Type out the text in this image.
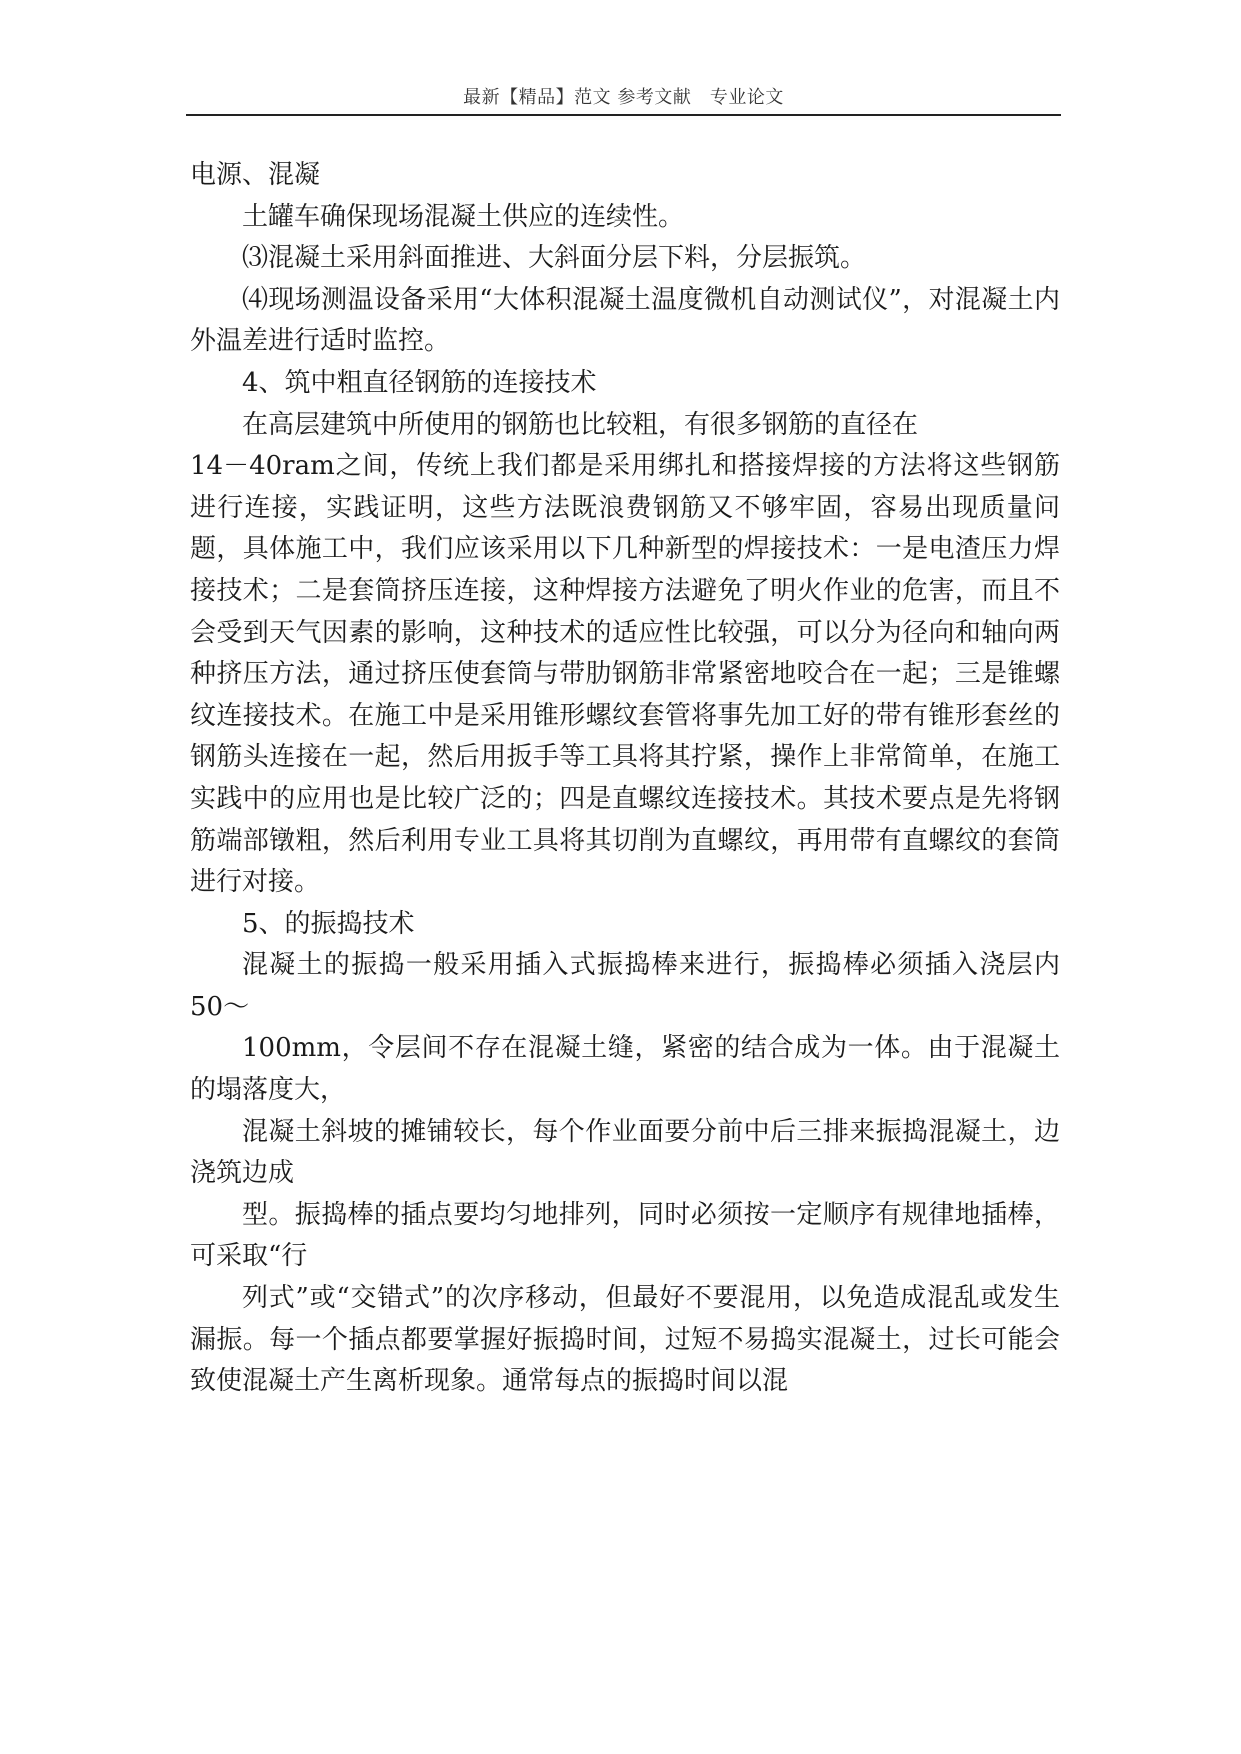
最新【精品】范文 参考文献　专业论文

电源、混凝

土罐车确保现场混凝土供应的连续性。

⑶混凝土采用斜面推进、大斜面分层下料，分层振筑。

⑷现场测温设备采用“大体积混凝土温度微机自动测试仪”，对混凝土内外温差进行适时监控。

4、筑中粗直径钢筋的连接技术

在高层建筑中所使用的钢筋也比较粗，有很多钢筋的直径在

14－40ram之间，传统上我们都是采用绑扎和搭接焊接的方法将这些钢筋进行连接，实践证明，这些方法既浪费钢筋又不够牢固，容易出现质量问题，具体施工中，我们应该采用以下几种新型的焊接技术：一是电渣压力焊接技术；二是套筒挤压连接，这种焊接方法避免了明火作业的危害，而且不会受到天气因素的影响，这种技术的适应性比较强，可以分为径向和轴向两种挤压方法，通过挤压使套筒与带肋钢筋非常紧密地咬合在一起；三是锥螺纹连接技术。在施工中是采用锥形螺纹套管将事先加工好的带有锥形套丝的钢筋头连接在一起，然后用扳手等工具将其拧紧，操作上非常简单，在施工实践中的应用也是比较广泛的；四是直螺纹连接技术。其技术要点是先将钢筋端部镦粗，然后利用专业工具将其切削为直螺纹，再用带有直螺纹的套筒进行对接。

5、的振捣技术

混凝土的振捣一般采用插入式振捣棒来进行，振捣棒必须插入浇层内 50～

100mm，令层间不存在混凝土缝，紧密的结合成为一体。由于混凝土的塌落度大，

混凝土斜坡的摊铺较长，每个作业面要分前中后三排来振捣混凝土，边浇筑边成

型。振捣棒的插点要均匀地排列，同时必须按一定顺序有规律地插棒，可采取“行

列式”或“交错式”的次序移动，但最好不要混用，以免造成混乱或发生漏振。每一个插点都要掌握好振捣时间，过短不易捣实混凝土，过长可能会致使混凝土产生离析现象。通常每点的振捣时间以混
